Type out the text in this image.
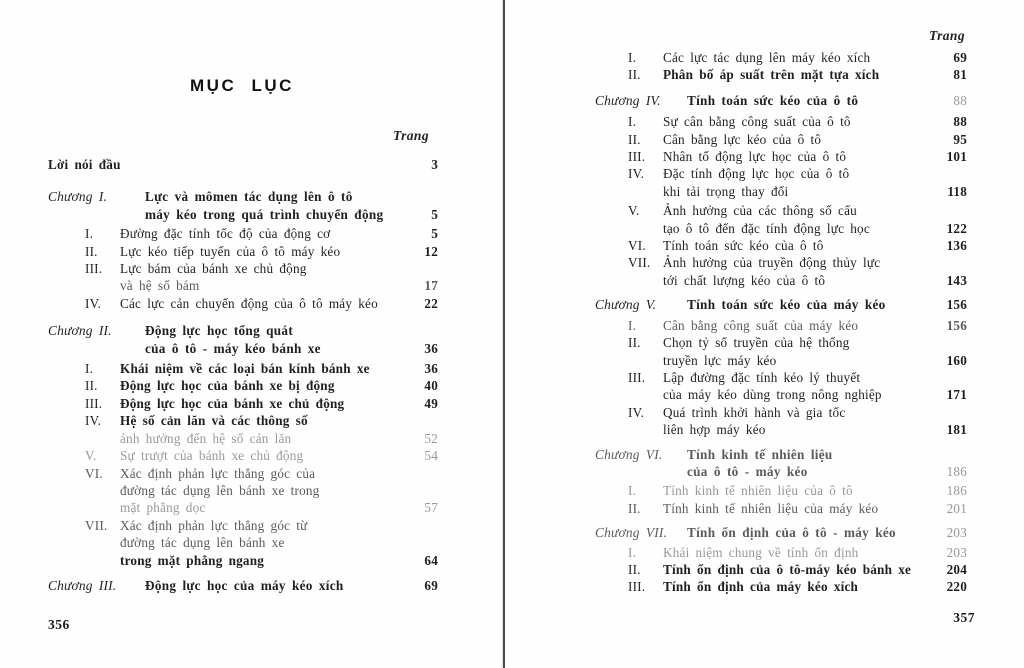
MỤC LỤC
Trang
Lời nói đầu	3
Chương I.	Lực và mômen tác dụng lên ô tô
máy kéo trong quá trình chuyển động	5
I.	Đường đặc tính tốc độ của động cơ	5
II.	Lực kéo tiếp tuyến của ô tô máy kéo	12
III.	Lực bám của bánh xe chủ động
và hệ số bám	17
IV.	Các lực cản chuyển động của ô tô máy kéo	22
Chương II.	Động lực học tổng quát
của ô tô - máy kéo bánh xe	36
I.	Khái niệm về các loại bán kính bánh xe	36
II.	Động lực học của bánh xe bị động	40
III.	Động lực học của bánh xe chủ động	49
IV.	Hệ số cản lăn và các thông số
ảnh hưởng đến hệ số cản lăn	52
V.	Sự trượt của bánh xe chủ động	54
VI.	Xác định phản lực thẳng góc của
đường tác dụng lên bánh xe trong
mặt phẳng dọc	57
VII. Xác định phản lực thẳng góc từ
đường tác dụng lên bánh xe
trong mặt phẳng ngang	64
Chương III.	Động lực học của máy kéo xích	69
356
Trang
I.	Các lực tác dụng lên máy kéo xích	69
II.	Phân bố áp suất trên mặt tựa xích	81
Chương IV.	Tính toán sức kéo của ô tô	88
I.	Sự cân bằng công suất của ô tô	88
II.	Cân bằng lực kéo của ô tô	95
III.	Nhân tố động lực học của ô tô	101
IV.	Đặc tính động lực học của ô tô
khi tải trọng thay đổi	118
V.	Ảnh hưởng của các thông số cấu
tạo ô tô đến đặc tính động lực học	122
VI.	Tính toán sức kéo của ô tô	136
VII. Ảnh hưởng của truyền động thủy lực
tới chất lượng kéo của ô tô	143
Chương V.	Tính toán sức kéo của máy kéo	156
I.	Cân bằng công suất của máy kéo	156
II.	Chọn tỷ số truyền của hệ thống
truyền lực máy kéo	160
III.	Lập đường đặc tính kéo lý thuyết
của máy kéo dùng trong nông nghiệp	171
IV.	Quá trình khởi hành và gia tốc
liên hợp máy kéo	181
Chương VI.	Tính kinh tế nhiên liệu
của ô tô - máy kéo	186
I.	Tính kinh tế nhiên liệu của ô tô	186
II.	Tính kinh tế nhiên liệu của máy kéo	201
Chương VII.	Tính ổn định của ô tô - máy kéo	203
I.	Khái niệm chung về tính ổn định	203
II.	Tính ổn định của ô tô-máy kéo bánh xe	204
III.	Tính ổn định của máy kéo xích	220
357
